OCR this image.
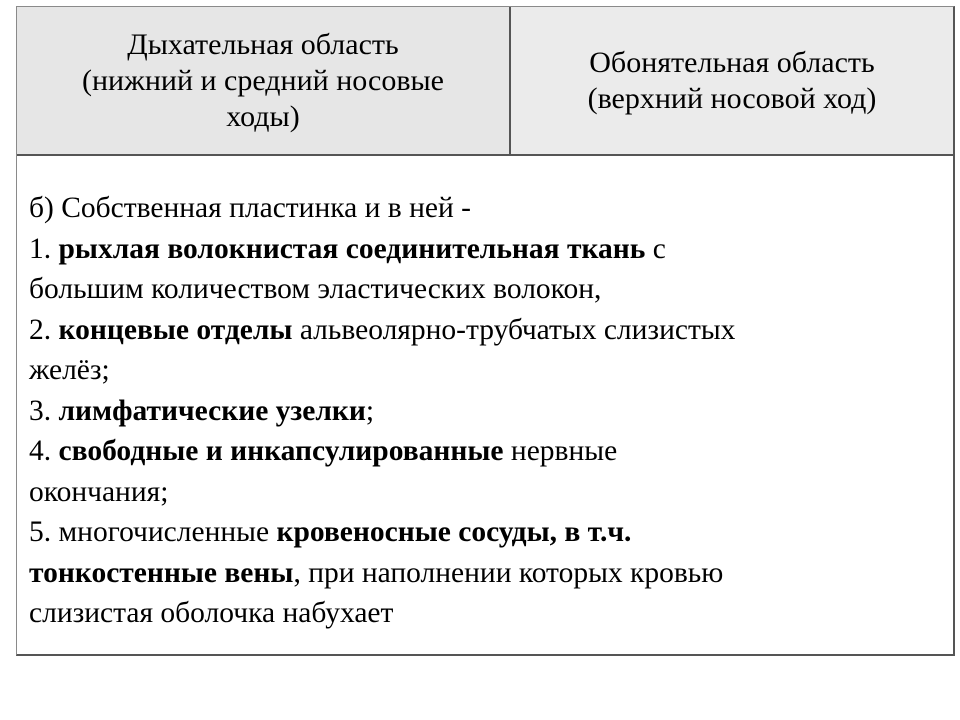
Дыхательная область
(нижний и средний носовые
ходы)
Обонятельная область
(верхний носовой ход)
б) Собственная пластинка и в ней -
1. рыхлая волокнистая соединительная ткань с
большим количеством эластических волокон,
2. концевые отделы альвеолярно-трубчатых слизистых
желёз;
3. лимфатические узелки;
4. свободные и инкапсулированные нервные
окончания;
5. многочисленные кровеносные сосуды, в т.ч.
тонкостенные вены, при наполнении которых кровью
слизистая оболочка набухает
